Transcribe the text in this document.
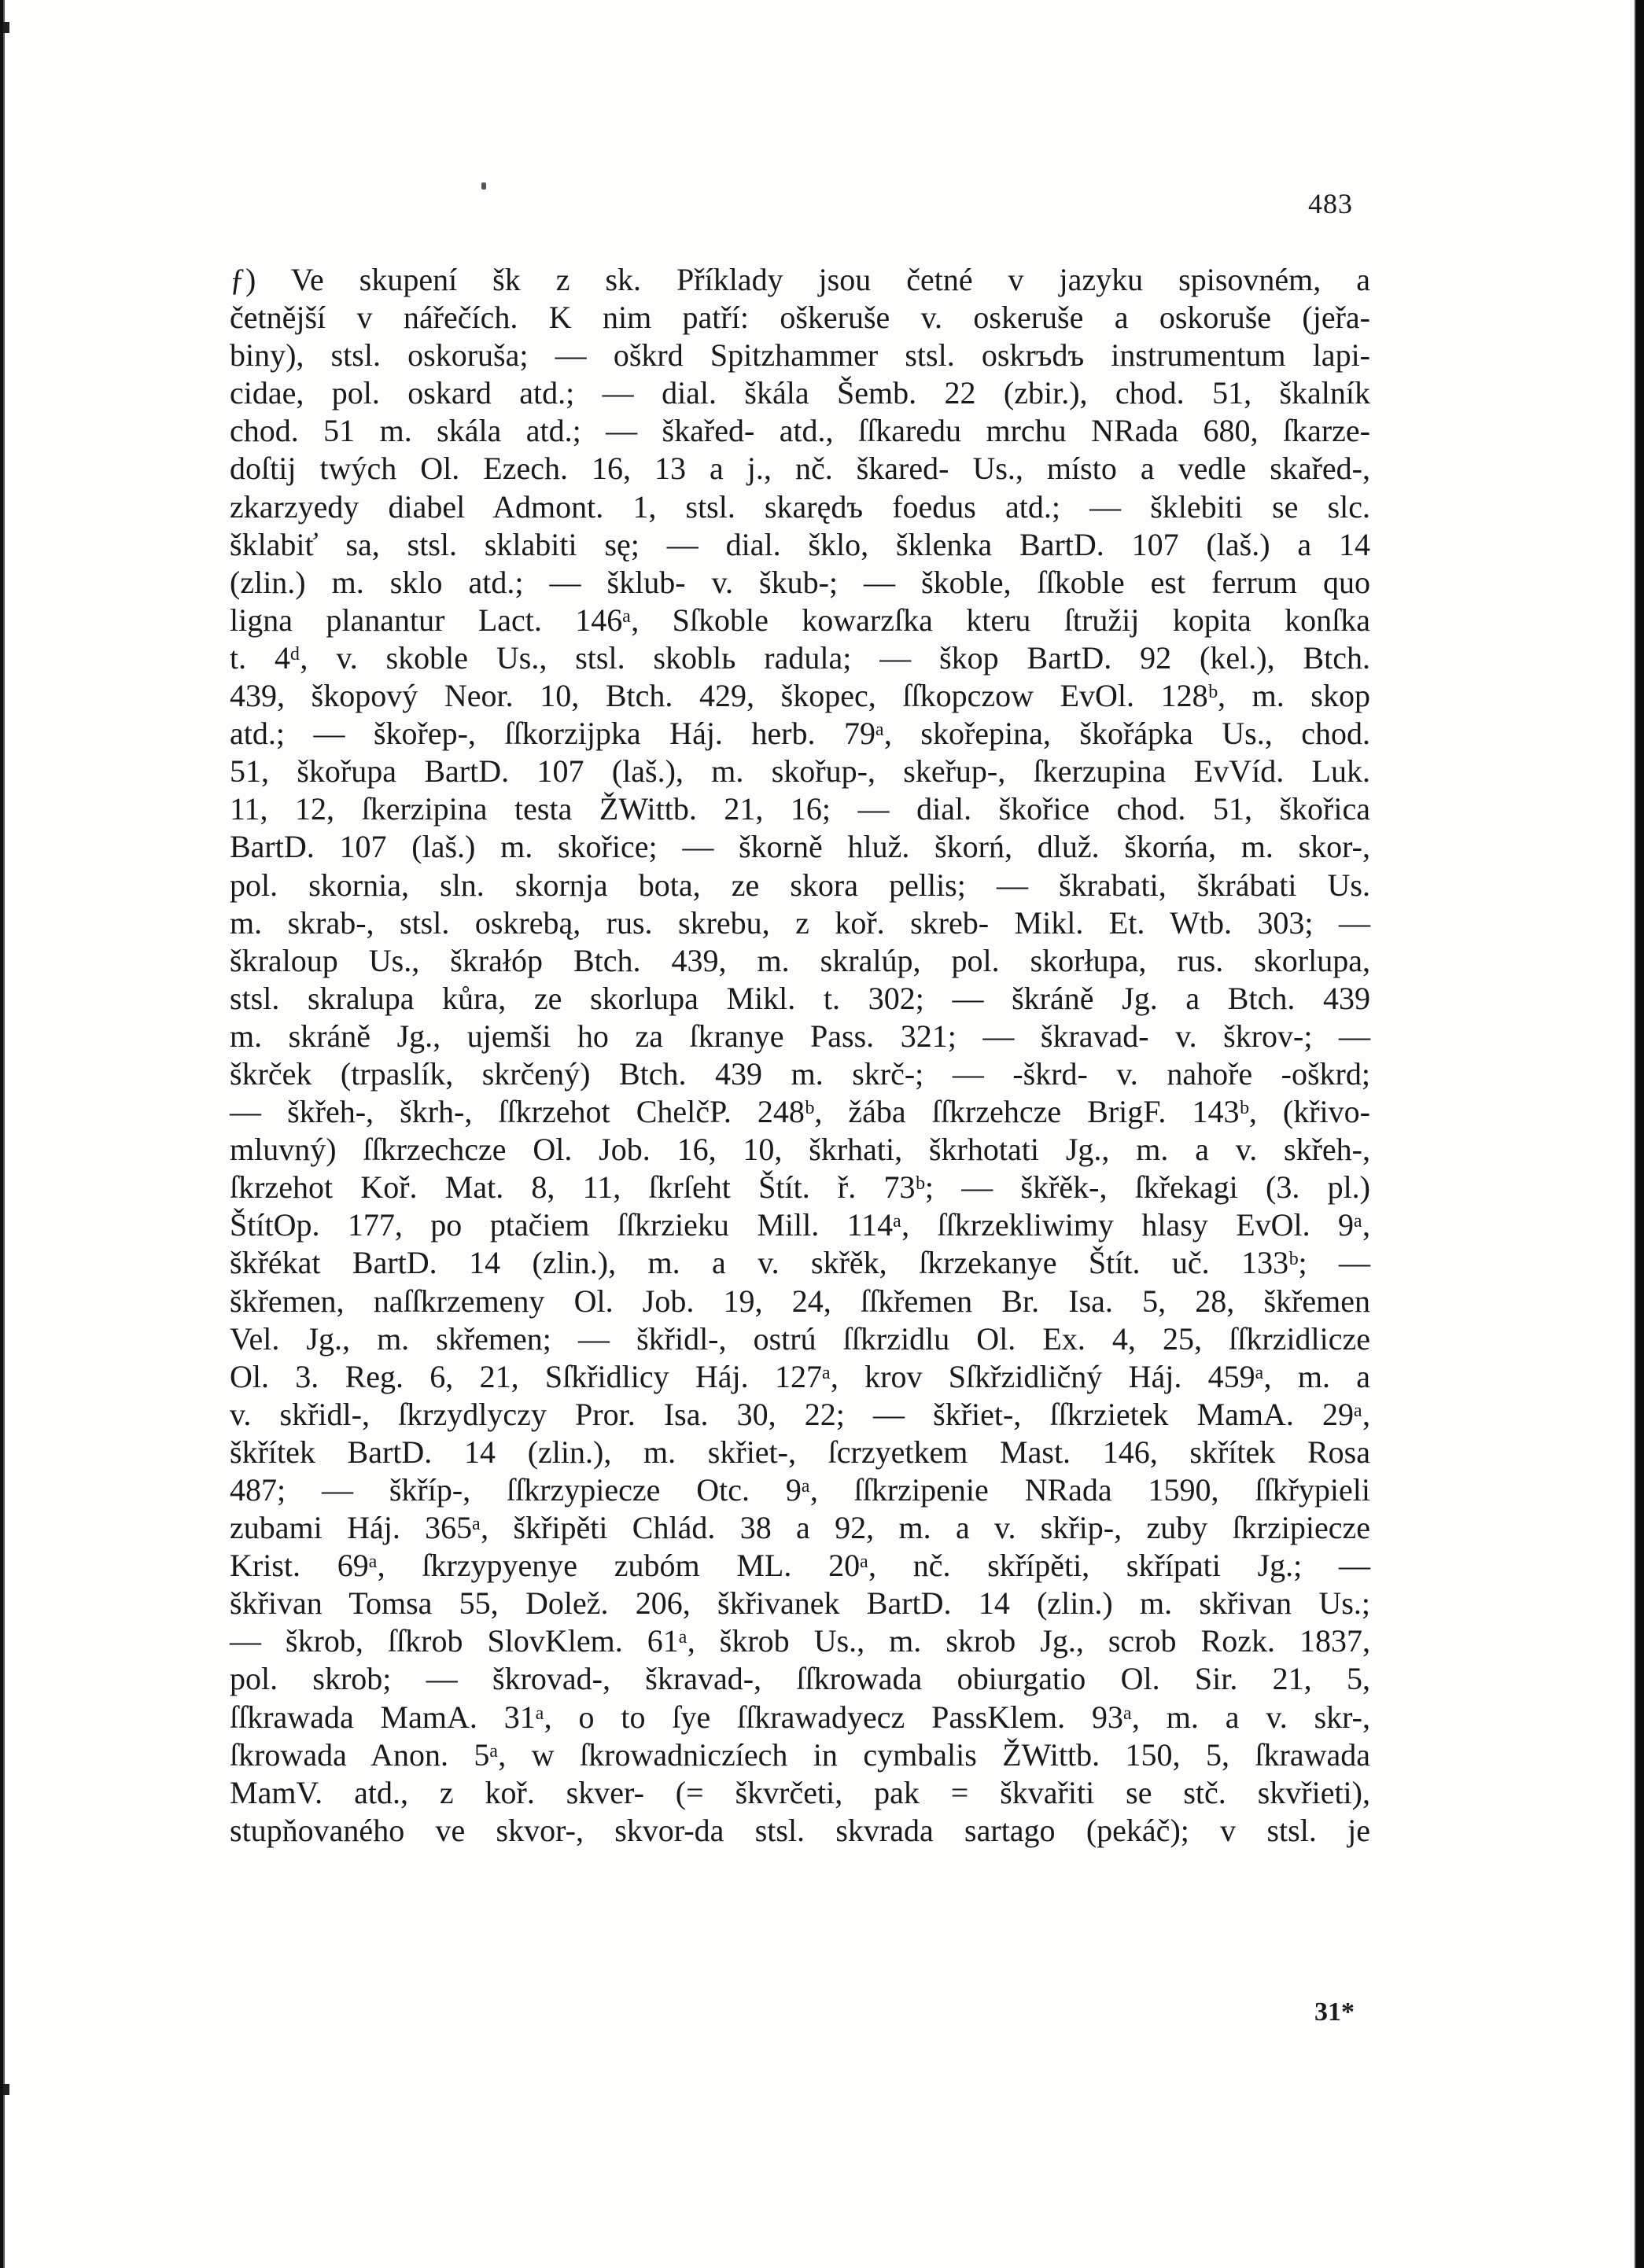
483
ƒ) Ve skupení šk z sk. Příklady jsou četné v jazyku spisovném, a
četnější v nářečích. K nim patří: oškeruše v. oskeruše a oskoruše (jeřa-
biny), stsl. oskoruša; — oškrd Spitzhammer stsl. oskrъdъ instrumentum lapi-
cidae, pol. oskard atd.; — dial. škála Šemb. 22 (zbir.), chod. 51, škalník
chod. 51 m. skála atd.; — škařed- atd., ſſkaredu mrchu NRada 680, ſkarze-
doſtij twých Ol. Ezech. 16, 13 a j., nč. škared- Us., místo a vedle skařed-,
zkarzyedy diabel Admont. 1, stsl. skarędъ foedus atd.; — šklebiti se slc.
šklabiť sa, stsl. sklabiti sę; — dial. šklo, šklenka BartD. 107 (laš.) a 14
(zlin.) m. sklo atd.; — šklub- v. škub-; — škoble, ſſkoble est ferrum quo
ligna planantur Lact. 146ᵃ, Sſkoble kowarzſka kteru ſtružij kopita konſka
t. 4ᵈ, v. skoble Us., stsl. skoblь radula; — škop BartD. 92 (kel.), Btch.
439, škopový Neor. 10, Btch. 429, škopec, ſſkopczow EvOl. 128ᵇ, m. skop
atd.; — škořep-, ſſkorzijpka Háj. herb. 79ᵃ, skořepina, škořápka Us., chod.
51, škořupa BartD. 107 (laš.), m. skořup-, skeřup-, ſkerzupina EvVíd. Luk.
11, 12, ſkerzipina testa ŽWittb. 21, 16; — dial. škořice chod. 51, škořica
BartD. 107 (laš.) m. skořice; — škorně hluž. škorń, dluž. škorńa, m. skor-,
pol. skornia, sln. skornja bota, ze skora pellis; — škrabati, škrábati Us.
m. skrab-, stsl. oskrebą, rus. skrebu, z koř. skreb- Mikl. Et. Wtb. 303; —
škraloup Us., škrałóp Btch. 439, m. skralúp, pol. skorłupa, rus. skorlupa,
stsl. skralupa kůra, ze skorlupa Mikl. t. 302; — škráně Jg. a Btch. 439
m. skráně Jg., ujemši ho za ſkranye Pass. 321; — škravad- v. škrov-; —
škrček (trpaslík, skrčený) Btch. 439 m. skrč-; — -škrd- v. nahoře -oškrd;
— škřeh-, škrh-, ſſkrzehot ChelčP. 248ᵇ, žába ſſkrzehcze BrigF. 143ᵇ, (křivo-
mluvný) ſſkrzechcze Ol. Job. 16, 10, škrhati, škrhotati Jg., m. a v. skřeh-,
ſkrzehot Koř. Mat. 8, 11, ſkrſeht Štít. ř. 73ᵇ; — škřěk-, ſkřekagi (3. pl.)
ŠtítOp. 177, po ptačiem ſſkrzieku Mill. 114ᵃ, ſſkrzekliwimy hlasy EvOl. 9ᵃ,
škřékat BartD. 14 (zlin.), m. a v. skřěk, ſkrzekanye Štít. uč. 133ᵇ; —
škřemen, naſſkrzemeny Ol. Job. 19, 24, ſſkřemen Br. Isa. 5, 28, škřemen
Vel. Jg., m. skřemen; — škřidl-, ostrú ſſkrzidlu Ol. Ex. 4, 25, ſſkrzidlicze
Ol. 3. Reg. 6, 21, Sſkřidlicy Háj. 127ᵃ, krov Sſkřzidličný Háj. 459ᵃ, m. a
v. skřidl-, ſkrzydlyczy Pror. Isa. 30, 22; — škřiet-, ſſkrzietek MamA. 29ᵃ,
škřítek BartD. 14 (zlin.), m. skřiet-, ſcrzyetkem Mast. 146, skřítek Rosa
487; — škříp-, ſſkrzypiecze Otc. 9ᵃ, ſſkrzipenie NRada 1590, ſſkřypieli
zubami Háj. 365ᵃ, škřipěti Chlád. 38 a 92, m. a v. skřip-, zuby ſkrzipiecze
Krist. 69ᵃ, ſkrzypyenye zubóm ML. 20ᵃ, nč. skřípěti, skřípati Jg.; —
škřivan Tomsa 55, Dolež. 206, škřivanek BartD. 14 (zlin.) m. skřivan Us.;
— škrob, ſſkrob SlovKlem. 61ᵃ, škrob Us., m. skrob Jg., scrob Rozk. 1837,
pol. skrob; — škrovad-, škravad-, ſſkrowada obiurgatio Ol. Sir. 21, 5,
ſſkrawada MamA. 31ᵃ, o to ſye ſſkrawadyecz PassKlem. 93ᵃ, m. a v. skr-,
ſkrowada Anon. 5ᵃ, w ſkrowadniczíech in cymbalis ŽWittb. 150, 5, ſkrawada
MamV. atd., z koř. skver- (= škvrčeti, pak = škvařiti se stč. skvřieti),
stupňovaného ve skvor-, skvor-da stsl. skvrada sartago (pekáč); v stsl. je
31*
